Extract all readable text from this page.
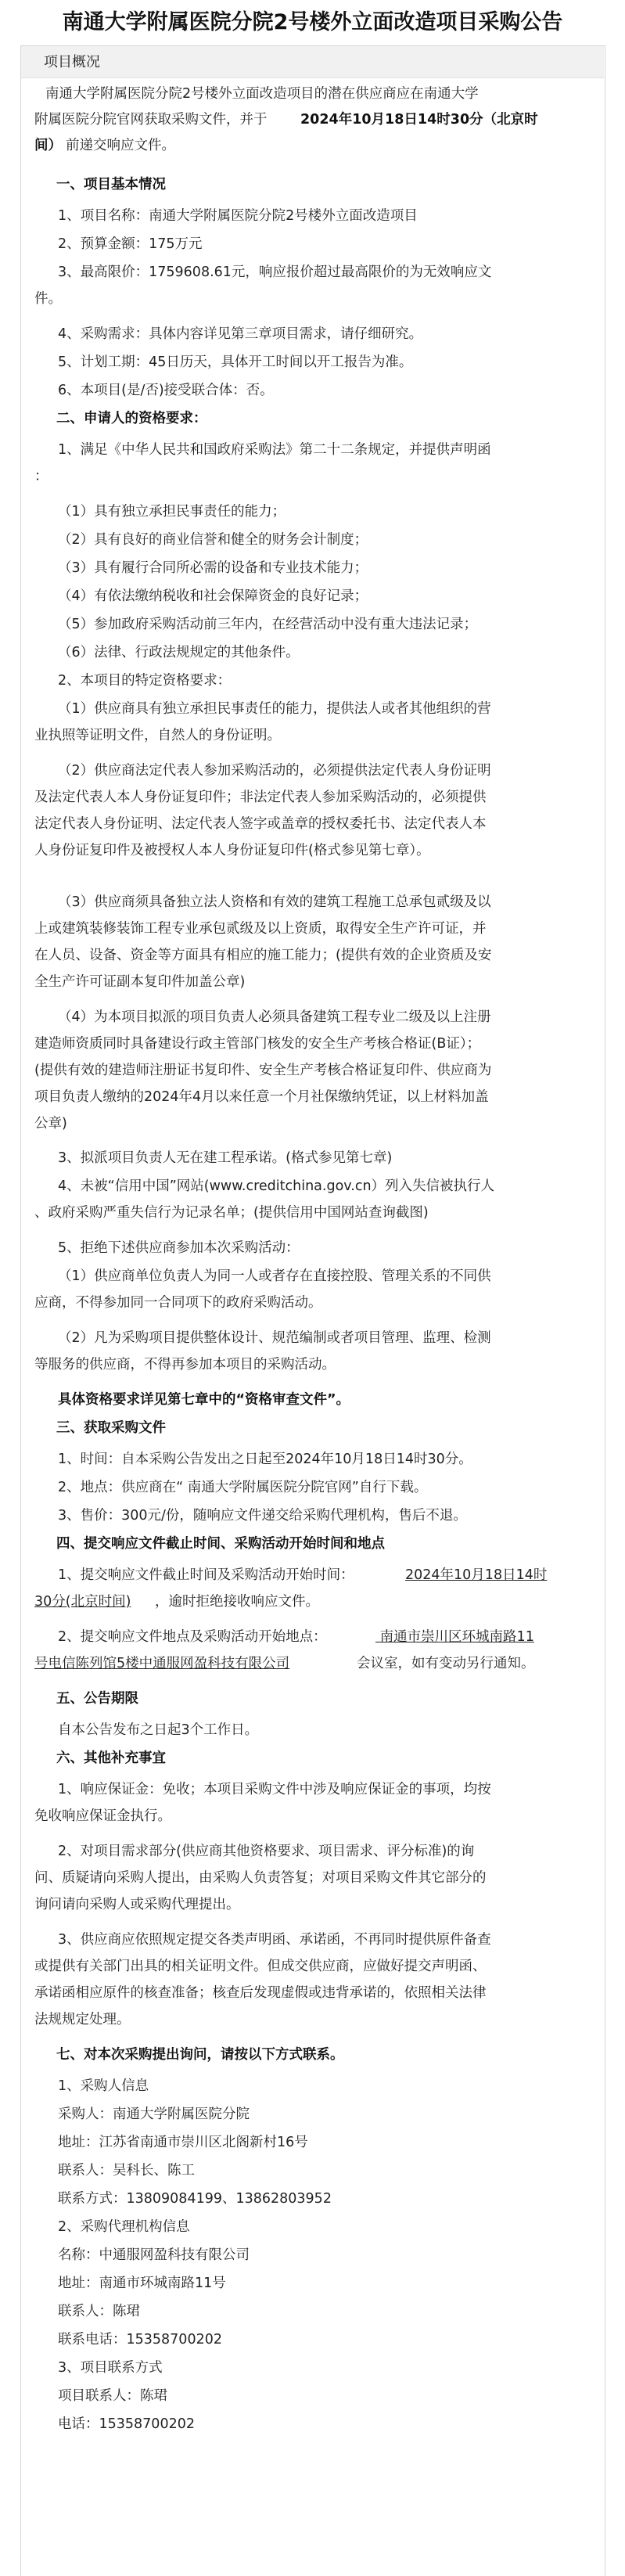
南通大学附属医院分院2号楼外立面改造项目采购公告
项目概况
南通大学附属医院分院2号楼外立面改造项目的潜在供应商应在南通大学
附属医院分院官网获取采购文件，并于 2024年10月18日14时30分（北京时
间） 前递交响应文件。
一、项目基本情况
1、项目名称：南通大学附属医院分院2号楼外立面改造项目
2、预算金额：175万元
3、最高限价：1759608.61元，响应报价超过最高限价的为无效响应文
件。
4、采购需求：具体内容详见第三章项目需求，请仔细研究。
5、计划工期：45日历天，具体开工时间以开工报告为准。
6、本项目(是/否)接受联合体：否。
二、申请人的资格要求：
1、满足《中华人民共和国政府采购法》第二十二条规定，并提供声明函
：
（1）具有独立承担民事责任的能力；
（2）具有良好的商业信誉和健全的财务会计制度；
（3）具有履行合同所必需的设备和专业技术能力；
（4）有依法缴纳税收和社会保障资金的良好记录；
（5）参加政府采购活动前三年内，在经营活动中没有重大违法记录；
（6）法律、行政法规规定的其他条件。
2、本项目的特定资格要求：
（1）供应商具有独立承担民事责任的能力，提供法人或者其他组织的营
业执照等证明文件，自然人的身份证明。
（2）供应商法定代表人参加采购活动的，必须提供法定代表人身份证明
及法定代表人本人身份证复印件；非法定代表人参加采购活动的，必须提供
法定代表人身份证明、法定代表人签字或盖章的授权委托书、法定代表人本
人身份证复印件及被授权人本人身份证复印件(格式参见第七章）。
（3）供应商须具备独立法人资格和有效的建筑工程施工总承包贰级及以
上或建筑装修装饰工程专业承包贰级及以上资质，取得安全生产许可证，并
在人员、设备、资金等方面具有相应的施工能力；(提供有效的企业资质及安
全生产许可证副本复印件加盖公章)
（4）为本项目拟派的项目负责人必须具备建筑工程专业二级及以上注册
建造师资质同时具备建设行政主管部门核发的安全生产考核合格证(B证）；
(提供有效的建造师注册证书复印件、安全生产考核合格证复印件、供应商为
项目负责人缴纳的2024年4月以来任意一个月社保缴纳凭证，以上材料加盖
公章)
3、拟派项目负责人无在建工程承诺。(格式参见第七章)
4、未被“信用中国”网站(www.creditchina.gov.cn）列入失信被执行人
、政府采购严重失信行为记录名单；(提供信用中国网站查询截图)
5、拒绝下述供应商参加本次采购活动：
（1）供应商单位负责人为同一人或者存在直接控股、管理关系的不同供
应商，不得参加同一合同项下的政府采购活动。
（2）凡为采购项目提供整体设计、规范编制或者项目管理、监理、检测
等服务的供应商，不得再参加本项目的采购活动。
具体资格要求详见第七章中的“资格审查文件”。
三、获取采购文件
1、时间：自本采购公告发出之日起至2024年10月18日14时30分。
2、地点：供应商在“ 南通大学附属医院分院官网”自行下载。
3、售价：300元/份，随响应文件递交给采购代理机构，售后不退。
四、提交响应文件截止时间、采购活动开始时间和地点
1、提交响应文件截止时间及采购活动开始时间：	2024年10月18日14时
30分(北京时间) ，逾时拒绝接收响应文件。
2、提交响应文件地点及采购活动开始地点：	南通市崇川区环城南路11
号电信陈列馆5楼中通服网盈科技有限公司	会议室，如有变动另行通知。
五、公告期限
自本公告发布之日起3个工作日。
六、其他补充事宜
1、响应保证金：免收；本项目采购文件中涉及响应保证金的事项，均按
免收响应保证金执行。
2、对项目需求部分(供应商其他资格要求、项目需求、评分标准)的询
问、质疑请向采购人提出，由采购人负责答复；对项目采购文件其它部分的
询问请向采购人或采购代理提出。
3、供应商应依照规定提交各类声明函、承诺函，不再同时提供原件备查
或提供有关部门出具的相关证明文件。但成交供应商，应做好提交声明函、
承诺函相应原件的核查准备；核查后发现虚假或违背承诺的，依照相关法律
法规规定处理。
七、对本次采购提出询问，请按以下方式联系。
1、采购人信息
采购人：南通大学附属医院分院
地址：江苏省南通市崇川区北阁新村16号
联系人：吴科长、陈工
联系方式：13809084199、13862803952
2、采购代理机构信息
名称：中通服网盈科技有限公司
地址：南通市环城南路11号
联系人：陈珺
联系电话：15358700202
3、项目联系方式
项目联系人：陈珺
电话：15358700202
